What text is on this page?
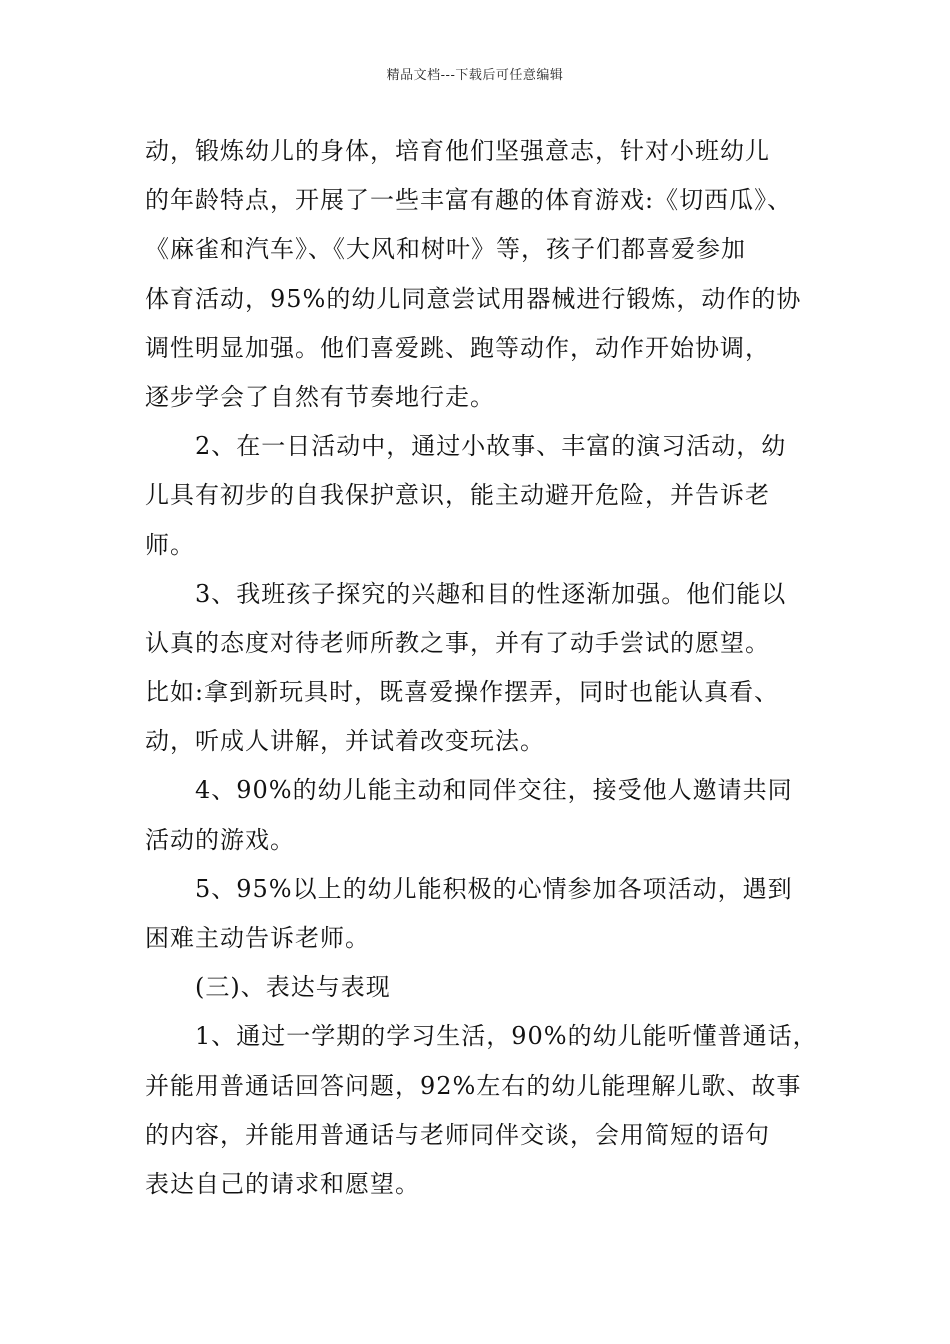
精品文档---下载后可任意编辑
动，锻炼幼儿的身体，培育他们坚强意志，针对小班幼儿
的年龄特点，开展了一些丰富有趣的体育游戏:《切西瓜》、
《麻雀和汽车》、《大风和树叶》等，孩子们都喜爱参加
体育活动，95%的幼儿同意尝试用器械进行锻炼，动作的协
调性明显加强。他们喜爱跳、跑等动作，动作开始协调，
逐步学会了自然有节奏地行走。
2、在一日活动中，通过小故事、丰富的演习活动，幼
儿具有初步的自我保护意识，能主动避开危险，并告诉老
师。
3、我班孩子探究的兴趣和目的性逐渐加强。他们能以
认真的态度对待老师所教之事，并有了动手尝试的愿望。
比如:拿到新玩具时，既喜爱操作摆弄，同时也能认真看、
动，听成人讲解，并试着改变玩法。
4、90%的幼儿能主动和同伴交往，接受他人邀请共同
活动的游戏。
5、95%以上的幼儿能积极的心情参加各项活动，遇到
困难主动告诉老师。
(三)、表达与表现
1、通过一学期的学习生活，90%的幼儿能听懂普通话，
并能用普通话回答问题，92%左右的幼儿能理解儿歌、故事
的内容，并能用普通话与老师同伴交谈，会用简短的语句
表达自己的请求和愿望。
